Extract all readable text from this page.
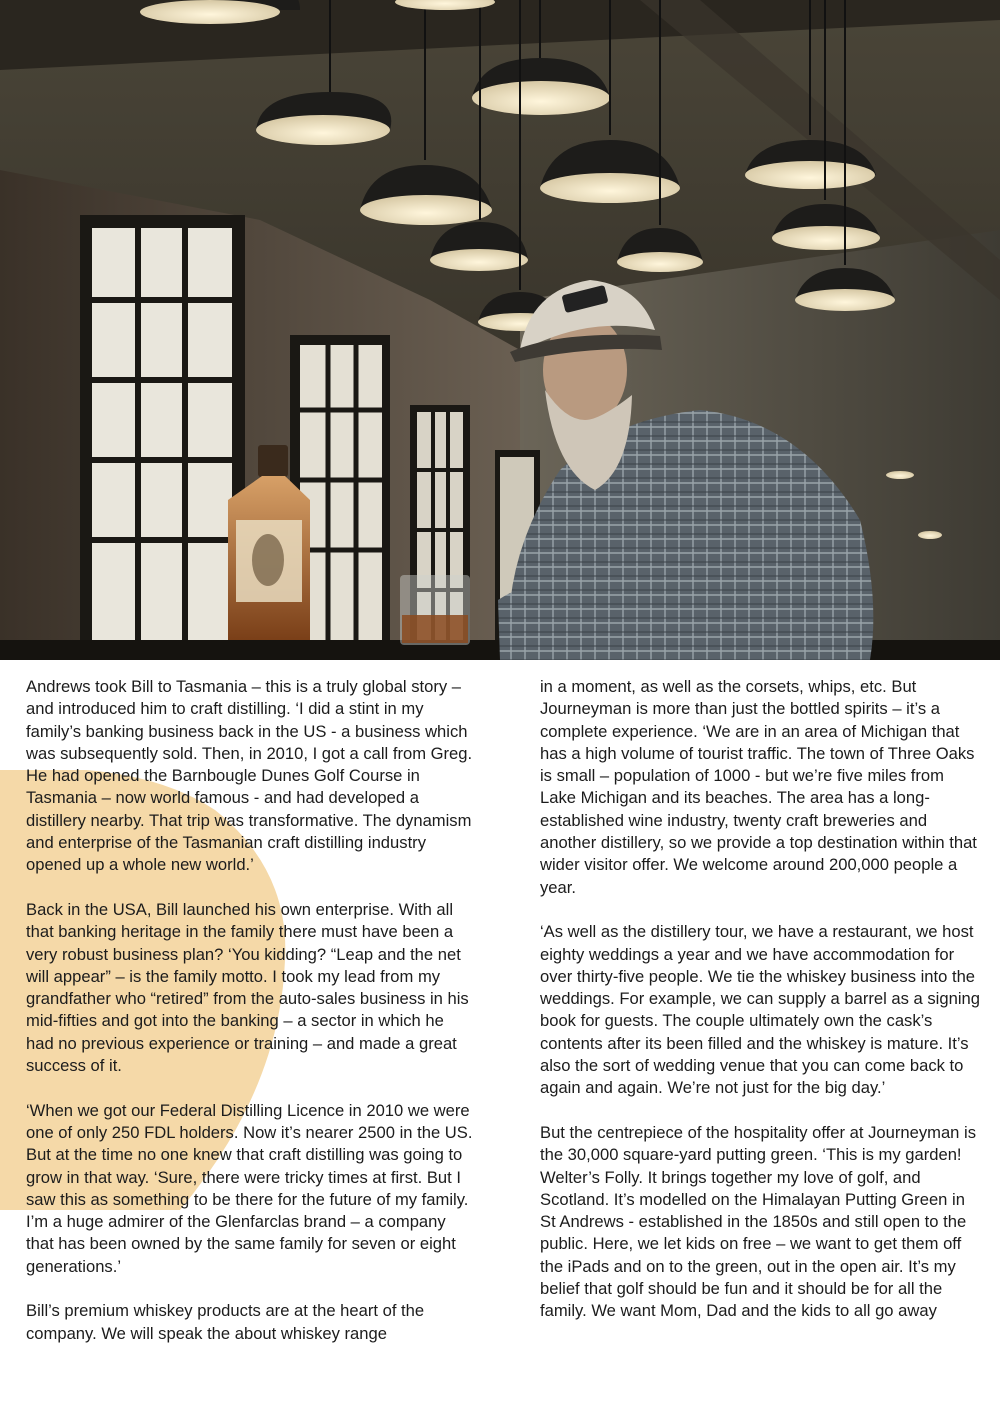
Andrews took Bill to Tasmania – this is a truly global story – and introduced him to craft distilling. ‘I did a stint in my family’s banking business back in the US - a business which was subsequently sold. Then, in 2010, I got a call from Greg. He had opened the Barnbougle Dunes Golf Course in Tasmania – now world famous - and had developed a distillery nearby. That trip was transformative. The dynamism and enterprise of the Tasmanian craft distilling industry opened up a whole new world.’

Back in the USA, Bill launched his own enterprise. With all that banking heritage in the family there must have been a very robust business plan? ‘You kidding? “Leap and the net will appear” – is the family motto. I took my lead from my grandfather who “retired” from the auto-sales business in his mid-fifties and got into the banking – a sector in which he had no previous experience or training – and made a great success of it.

‘When we got our Federal Distilling Licence in 2010 we were one of only 250 FDL holders. Now it’s nearer 2500 in the US. But at the time no one knew that craft distilling was going to grow in that way. ‘Sure, there were tricky times at first. But I saw this as something to be there for the future of my family. I’m a huge admirer of the Glenfarclas brand – a company that has been owned by the same family for seven or eight generations.’

Bill’s premium whiskey products are at the heart of the company. We will speak the about whiskey range

in a moment, as well as the corsets, whips, etc. But Journeyman is more than just the bottled spirits – it’s a complete experience. ‘We are in an area of Michigan that has a high volume of tourist traffic. The town of Three Oaks is small – population of 1000 - but we’re five miles from Lake Michigan and its beaches. The area has a long-established wine industry, twenty craft breweries and another distillery, so we provide a top destination within that wider visitor offer. We welcome around 200,000 people a year.

‘As well as the distillery tour, we have a restaurant, we host eighty weddings a year and we have accommodation for over thirty-five people. We tie the whiskey business into the weddings. For example, we can supply a barrel as a signing book for guests. The couple ultimately own the cask’s contents after its been filled and the whiskey is mature. It’s also the sort of wedding venue that you can come back to again and again. We’re not just for the big day.’

But the centrepiece of the hospitality offer at Journeyman is the 30,000 square-yard putting green. ‘This is my garden! Welter’s Folly. It brings together my love of golf, and Scotland. It’s modelled on the Himalayan Putting Green in St Andrews - established in the 1850s and still open to the public. Here, we let kids on free – we want to get them off the iPads and on to the green, out in the open air. It’s my belief that golf should be fun and it should be for all the family. We want Mom, Dad and the kids to all go away
